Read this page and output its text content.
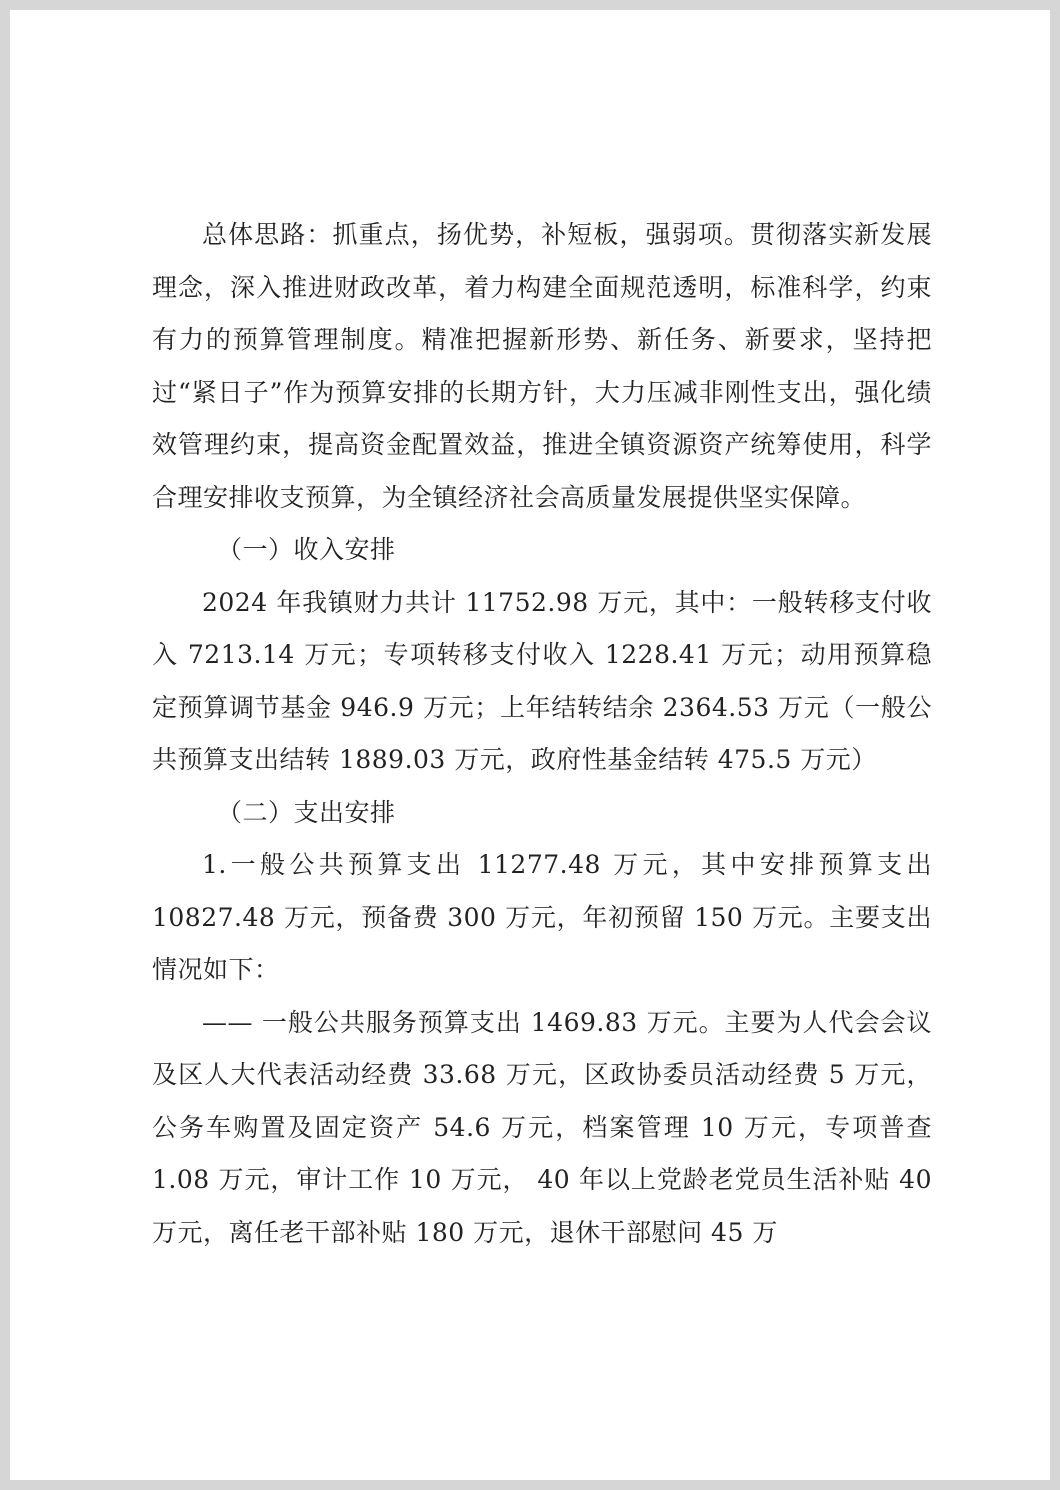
总体思路：抓重点，扬优势，补短板，强弱项。贯彻落实新发展理念，深入推进财政改革，着力构建全面规范透明，标准科学，约束有力的预算管理制度。精准把握新形势、新任务、新要求，坚持把过“紧日子”作为预算安排的长期方针，大力压减非刚性支出，强化绩效管理约束，提高资金配置效益，推进全镇资源资产统筹使用，科学合理安排收支预算，为全镇经济社会高质量发展提供坚实保障。

（一）收入安排

2024 年我镇财力共计 11752.98 万元，其中：一般转移支付收入 7213.14 万元；专项转移支付收入 1228.41 万元；动用预算稳定预算调节基金 946.9 万元；上年结转结余 2364.53 万元（一般公共预算支出结转 1889.03 万元，政府性基金结转 475.5 万元）

（二）支出安排

1.一般公共预算支出 11277.48 万元，其中安排预算支出 10827.48 万元，预备费 300 万元，年初预留 150 万元。主要支出情况如下：

—— 一般公共服务预算支出 1469.83 万元。主要为人代会会议及区人大代表活动经费 33.68 万元，区政协委员活动经费 5 万元，公务车购置及固定资产 54.6 万元，档案管理 10 万元，专项普查 1.08 万元，审计工作 10 万元， 40 年以上党龄老党员生活补贴 40 万元，离任老干部补贴 180 万元，退休干部慰问 45 万
